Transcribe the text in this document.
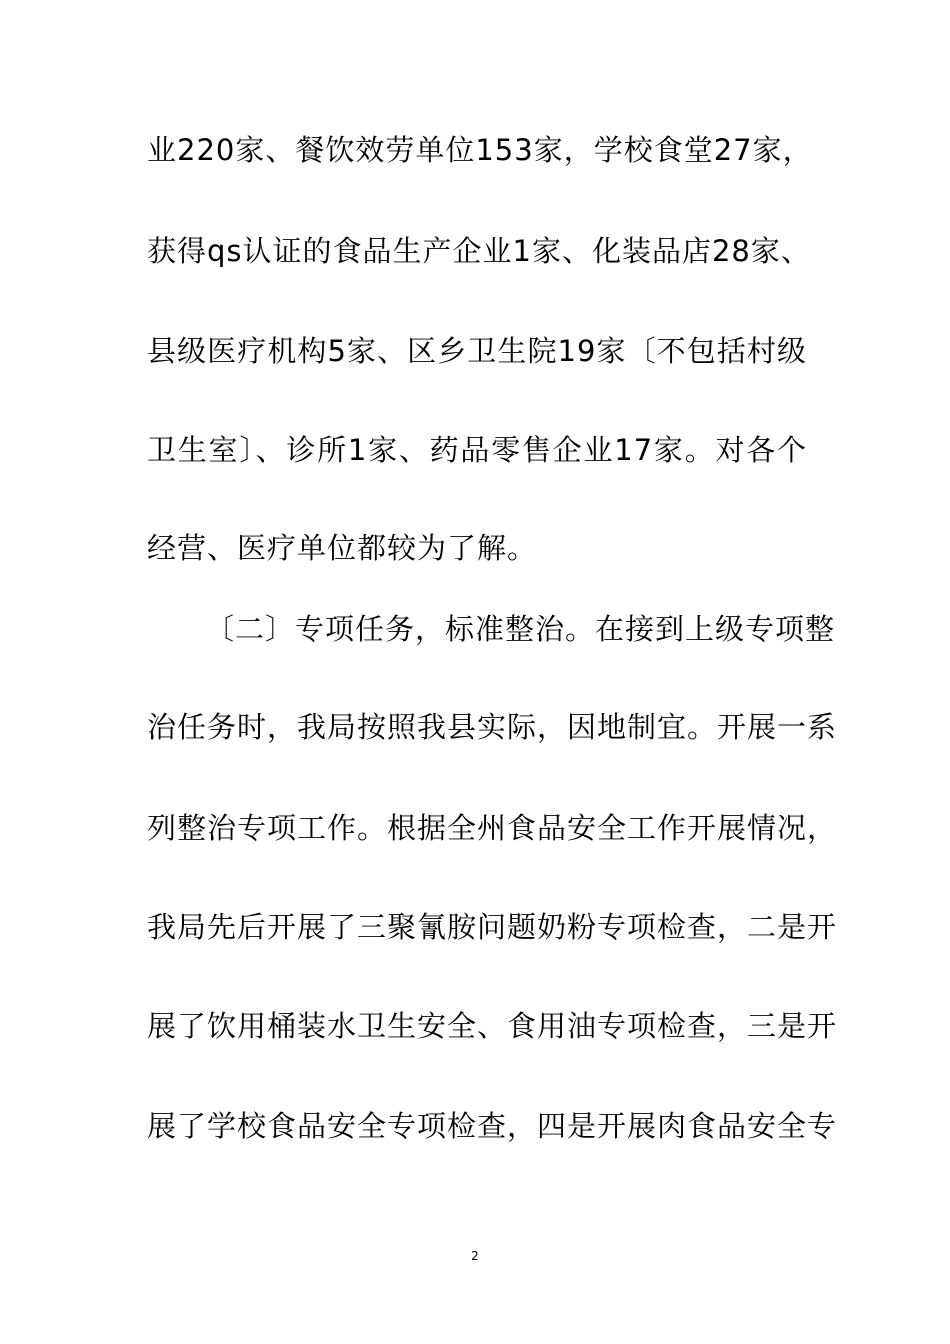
业220家、餐饮效劳单位153家，学校食堂27家，
获得qs认证的食品生产企业1家、化装品店28家、
县级医疗机构5家、区乡卫生院19家〔不包括村级
卫生室〕、诊所1家、药品零售企业17家。对各个
经营、医疗单位都较为了解。
〔二〕专项任务，标准整治。在接到上级专项整
治任务时，我局按照我县实际，因地制宜。开展一系
列整治专项工作。根据全州食品安全工作开展情况，
我局先后开展了三聚氰胺问题奶粉专项检查，二是开
展了饮用桶装水卫生安全、食用油专项检查，三是开
展了学校食品安全专项检查，四是开展肉食品安全专
2
